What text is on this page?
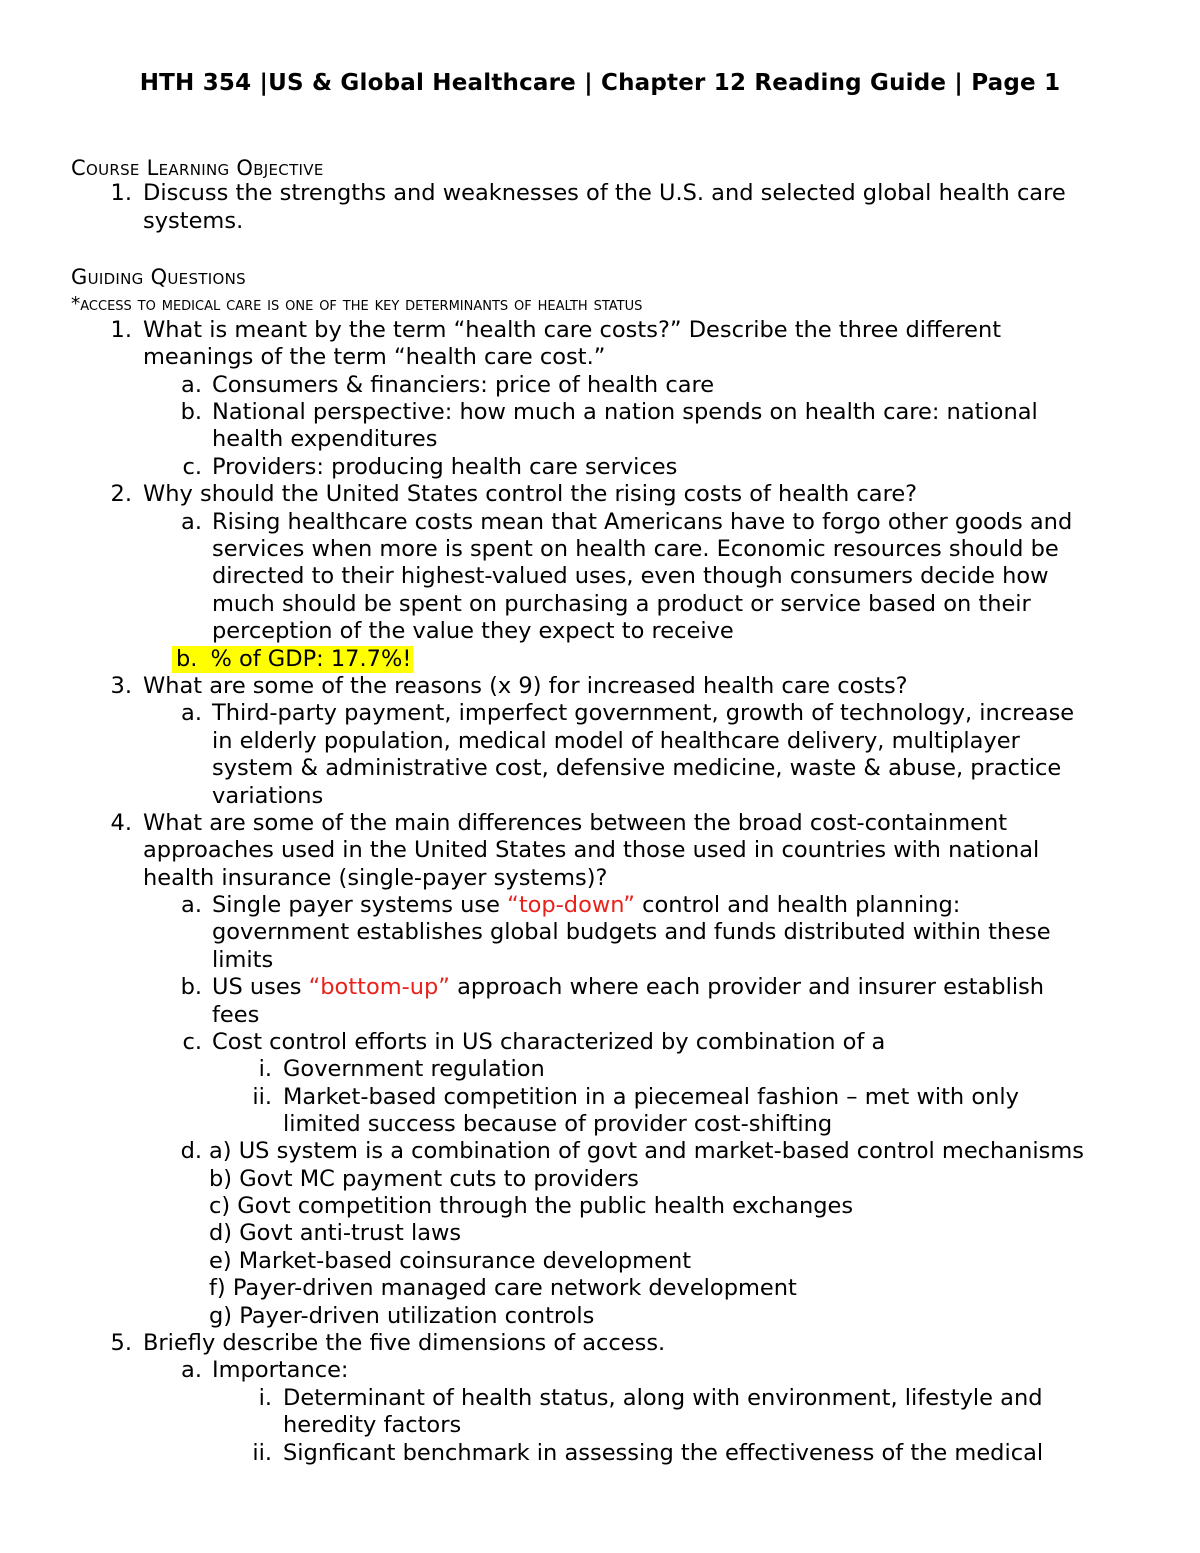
HTH 354 |US & Global Healthcare | Chapter 12 Reading Guide | Page 1
Course Learning Objective
1. Discuss the strengths and weaknesses of the U.S. and selected global health care
systems.
Guiding Questions
*access to medical care is one of the key determinants of health status
1. What is meant by the term “health care costs?” Describe the three different
meanings of the term “health care cost.”
a. Consumers & financiers: price of health care
b. National perspective: how much a nation spends on health care: national
health expenditures
c. Providers: producing health care services
2. Why should the United States control the rising costs of health care?
a. Rising healthcare costs mean that Americans have to forgo other goods and
services when more is spent on health care. Economic resources should be
directed to their highest-valued uses, even though consumers decide how
much should be spent on purchasing a product or service based on their
perception of the value they expect to receive
b. % of GDP: 17.7%!
3. What are some of the reasons (x 9) for increased health care costs?
a. Third-party payment, imperfect government, growth of technology, increase
in elderly population, medical model of healthcare delivery, multiplayer
system & administrative cost, defensive medicine, waste & abuse, practice
variations
4. What are some of the main differences between the broad cost-containment
approaches used in the United States and those used in countries with national
health insurance (single-payer systems)?
a. Single payer systems use “top-down” control and health planning:
government establishes global budgets and funds distributed within these
limits
b. US uses “bottom-up” approach where each provider and insurer establish
fees
c. Cost control efforts in US characterized by combination of a
i. Government regulation
ii. Market-based competition in a piecemeal fashion – met with only
limited success because of provider cost-shifting
d. a) US system is a combination of govt and market-based control mechanisms
b) Govt MC payment cuts to providers
c) Govt competition through the public health exchanges
d) Govt anti-trust laws
e) Market-based coinsurance development
f) Payer-driven managed care network development
g) Payer-driven utilization controls
5. Briefly describe the five dimensions of access.
a. Importance:
i. Determinant of health status, along with environment, lifestyle and
heredity factors
ii. Signficant benchmark in assessing the effectiveness of the medical
